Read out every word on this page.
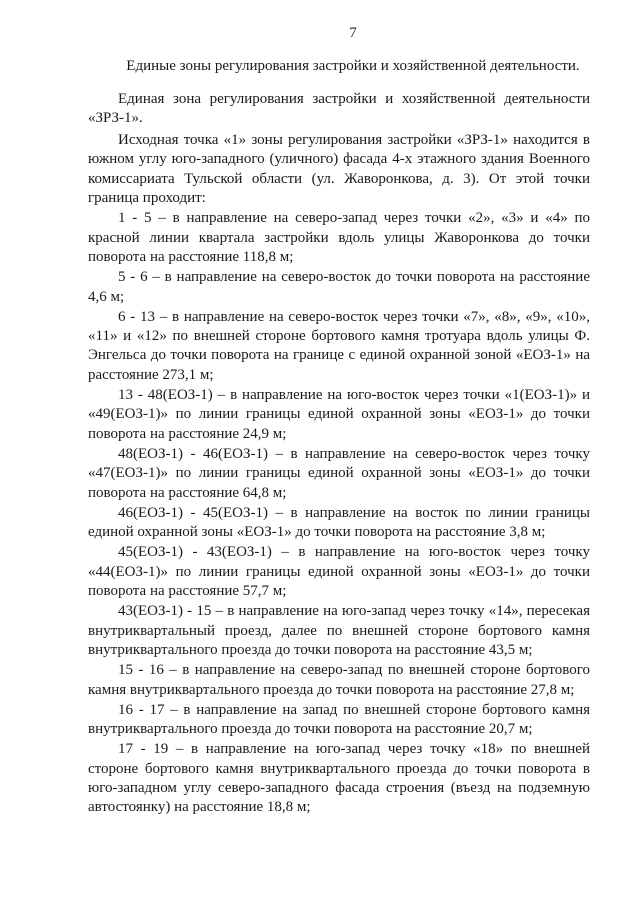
7
Единые зоны регулирования застройки и хозяйственной деятельности.

Единая зона регулирования застройки и хозяйственной деятельности «ЗРЗ-1».

Исходная точка «1» зоны регулирования застройки «ЗРЗ-1» находится в южном углу юго-западного (уличного) фасада 4-х этажного здания Военного комиссариата Тульской области (ул. Жаворонкова, д. 3). От этой точки граница проходит:

1 - 5 – в направление на северо-запад через точки «2», «3» и «4» по красной линии квартала застройки вдоль улицы Жаворонкова до точки поворота на расстояние 118,8 м;

5 - 6 – в направление на северо-восток до точки поворота на расстояние 4,6 м;

6 - 13 – в направление на северо-восток через точки «7», «8», «9», «10», «11» и «12» по внешней стороне бортового камня тротуара вдоль улицы Ф. Энгельса до точки поворота на границе с единой охранной зоной «ЕОЗ-1» на расстояние 273,1 м;

13 - 48(ЕОЗ-1) – в направление на юго-восток через точки «1(ЕОЗ-1)» и «49(ЕОЗ-1)» по линии границы единой охранной зоны «ЕОЗ-1» до точки поворота на расстояние 24,9 м;

48(ЕОЗ-1) - 46(ЕОЗ-1) – в направление на северо-восток через точку «47(ЕОЗ-1)» по линии границы единой охранной зоны «ЕОЗ-1» до точки поворота на расстояние 64,8 м;

46(ЕОЗ-1) - 45(ЕОЗ-1) – в направление на восток по линии границы единой охранной зоны «ЕОЗ-1» до точки поворота на расстояние 3,8 м;

45(ЕОЗ-1) - 43(ЕОЗ-1) – в направление на юго-восток через точку «44(ЕОЗ-1)» по линии границы единой охранной зоны «ЕОЗ-1» до точки поворота на расстояние 57,7 м;

43(ЕОЗ-1) - 15 – в направление на юго-запад через точку «14», пересекая внутриквартальный проезд, далее по внешней стороне бортового камня внутриквартального проезда до точки поворота на расстояние 43,5 м;

15 - 16 – в направление на северо-запад по внешней стороне бортового камня внутриквартального проезда до точки поворота на расстояние 27,8 м;

16 - 17 – в направление на запад по внешней стороне бортового камня внутриквартального проезда до точки поворота на расстояние 20,7 м;

17 - 19 – в направление на юго-запад через точку «18» по внешней стороне бортового камня внутриквартального проезда до точки поворота в юго-западном углу северо-западного фасада строения (въезд на подземную автостоянку) на расстояние 18,8 м;
